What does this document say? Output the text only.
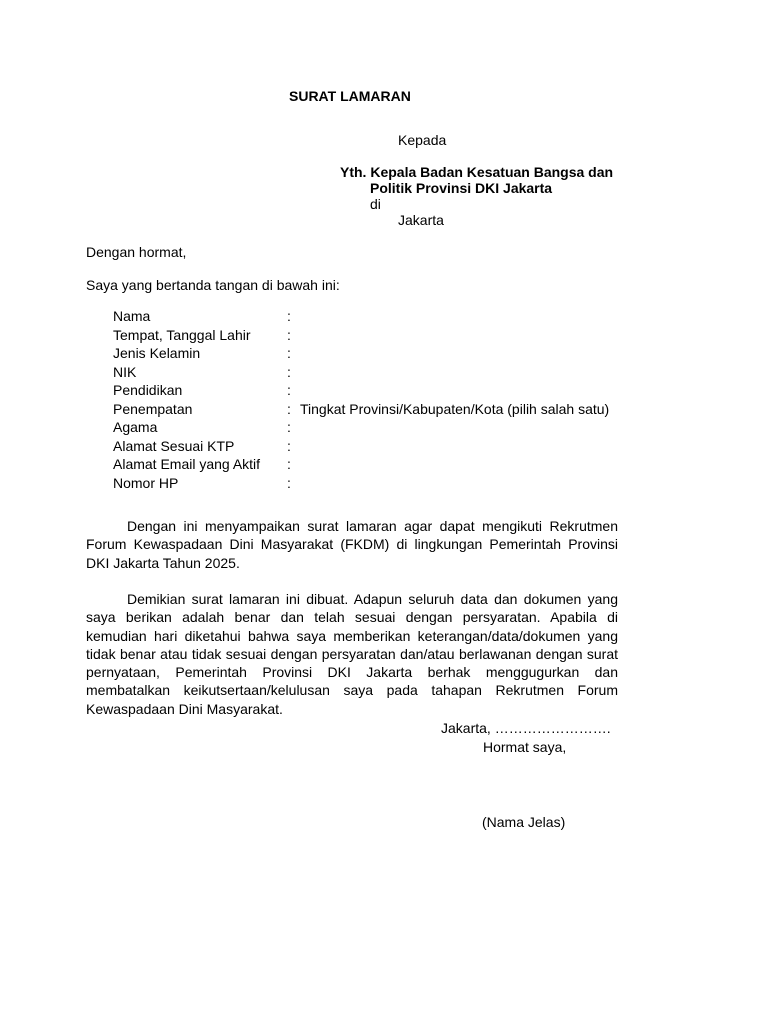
SURAT LAMARAN
Kepada
Yth. Kepala Badan Kesatuan Bangsa dan
Politik Provinsi DKI Jakarta
di
Jakarta
Dengan hormat,
Saya yang bertanda tangan di bawah ini:
Nama	:
Tempat, Tanggal Lahir	:
Jenis Kelamin	:
NIK	:
Pendidikan	:
Penempatan	: Tingkat Provinsi/Kabupaten/Kota (pilih salah satu)
Agama	:
Alamat Sesuai KTP	:
Alamat Email yang Aktif :
Nomor HP	:
Dengan ini menyampaikan surat lamaran agar dapat mengikuti Rekrutmen Forum Kewaspadaan Dini Masyarakat (FKDM) di lingkungan Pemerintah Provinsi DKI Jakarta Tahun 2025.
Demikian surat lamaran ini dibuat. Adapun seluruh data dan dokumen yang saya berikan adalah benar dan telah sesuai dengan persyaratan. Apabila di kemudian hari diketahui bahwa saya memberikan keterangan/data/dokumen yang tidak benar atau tidak sesuai dengan persyaratan dan/atau berlawanan dengan surat pernyataan, Pemerintah Provinsi DKI Jakarta berhak menggugurkan dan membatalkan keikutsertaan/kelulusan saya pada tahapan Rekrutmen Forum Kewaspadaan Dini Masyarakat.
Jakarta, …………………….
Hormat saya,
(Nama Jelas)
